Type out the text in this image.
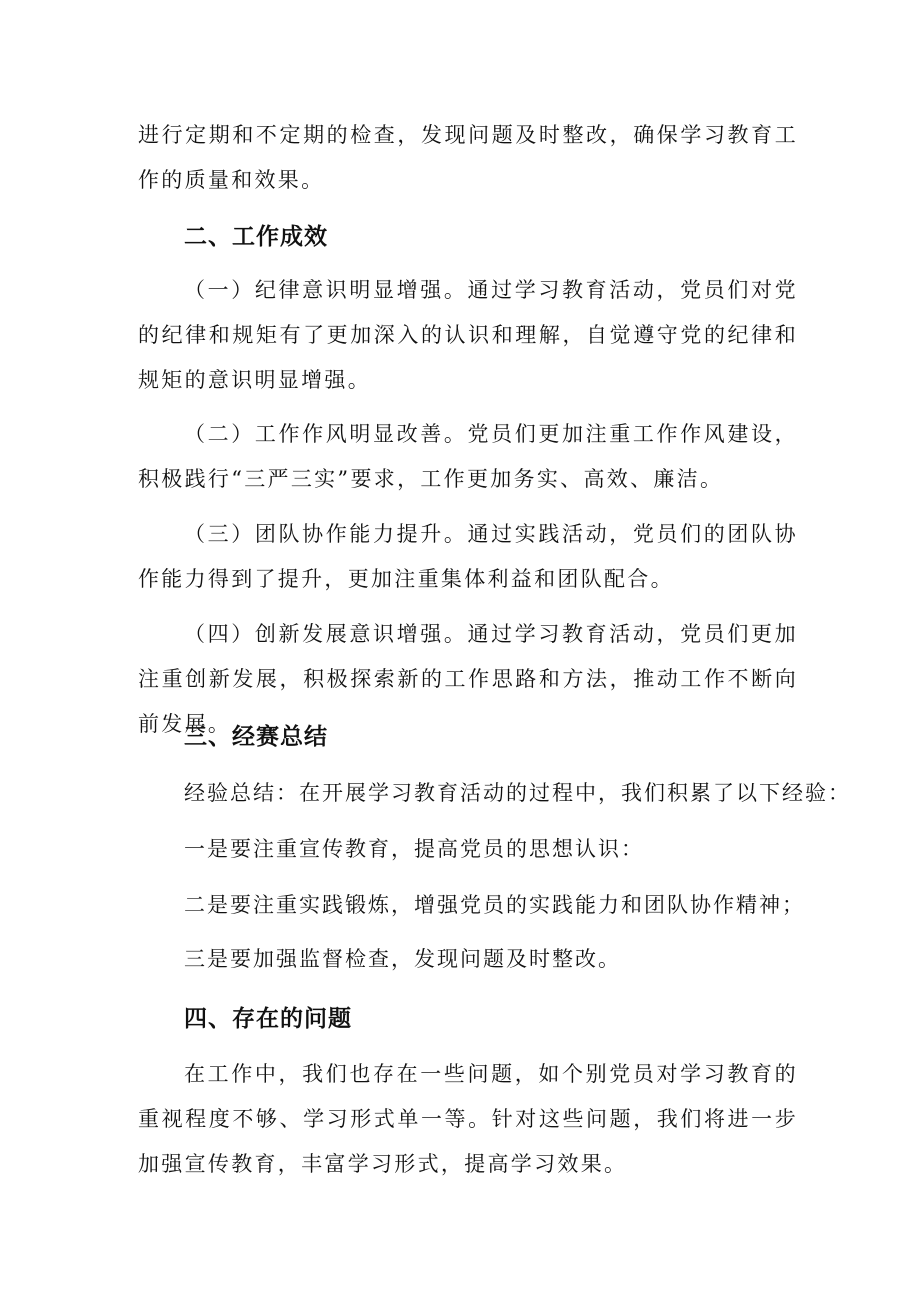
进行定期和不定期的检查，发现问题及时整改，确保学习教育工作的质量和效果。

二、工作成效

（一）纪律意识明显增强。通过学习教育活动，党员们对党的纪律和规矩有了更加深入的认识和理解，自觉遵守党的纪律和规矩的意识明显增强。

（二）工作作风明显改善。党员们更加注重工作作风建设，积极践行“三严三实”要求，工作更加务实、高效、廉洁。

（三）团队协作能力提升。通过实践活动，党员们的团队协作能力得到了提升，更加注重集体利益和团队配合。

（四）创新发展意识增强。通过学习教育活动，党员们更加注重创新发展，积极探索新的工作思路和方法，推动工作不断向前发展。

三、经赛总结

经验总结：在开展学习教育活动的过程中，我们积累了以下经验：

一是要注重宣传教育，提高党员的思想认识：

二是要注重实践锻炼，增强党员的实践能力和团队协作精神；

三是要加强监督检查，发现问题及时整改。

四、存在的问题

在工作中，我们也存在一些问题，如个别党员对学习教育的重视程度不够、学习形式单一等。针对这些问题，我们将进一步加强宣传教育，丰富学习形式，提高学习效果。
